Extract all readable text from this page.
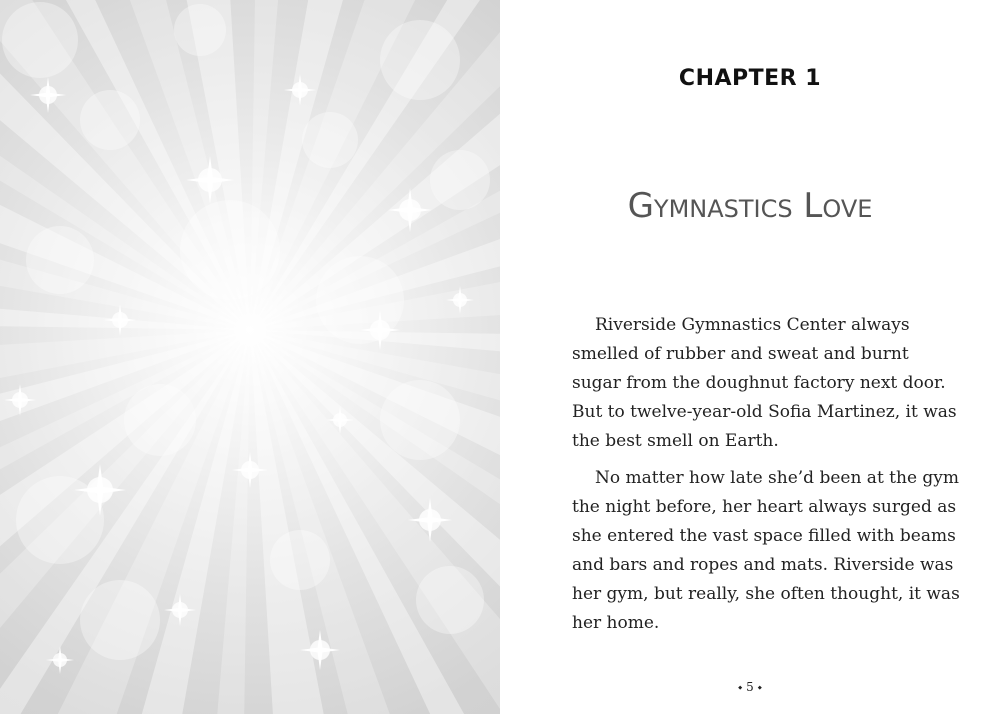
CHAPTER 1
Gymnastics Love

Riverside Gymnastics Center always
smelled of rubber and sweat and burnt
sugar from the doughnut factory next door.
But to twelve-year-old Sofia Martinez, it was
the best smell on Earth.

No matter how late she’d been at the gym
the night before, her heart always surged as
she entered the vast space filled with beams
and bars and ropes and mats. Riverside was
her gym, but really, she often thought, it was
her home.

⬩ 5 ⬩
